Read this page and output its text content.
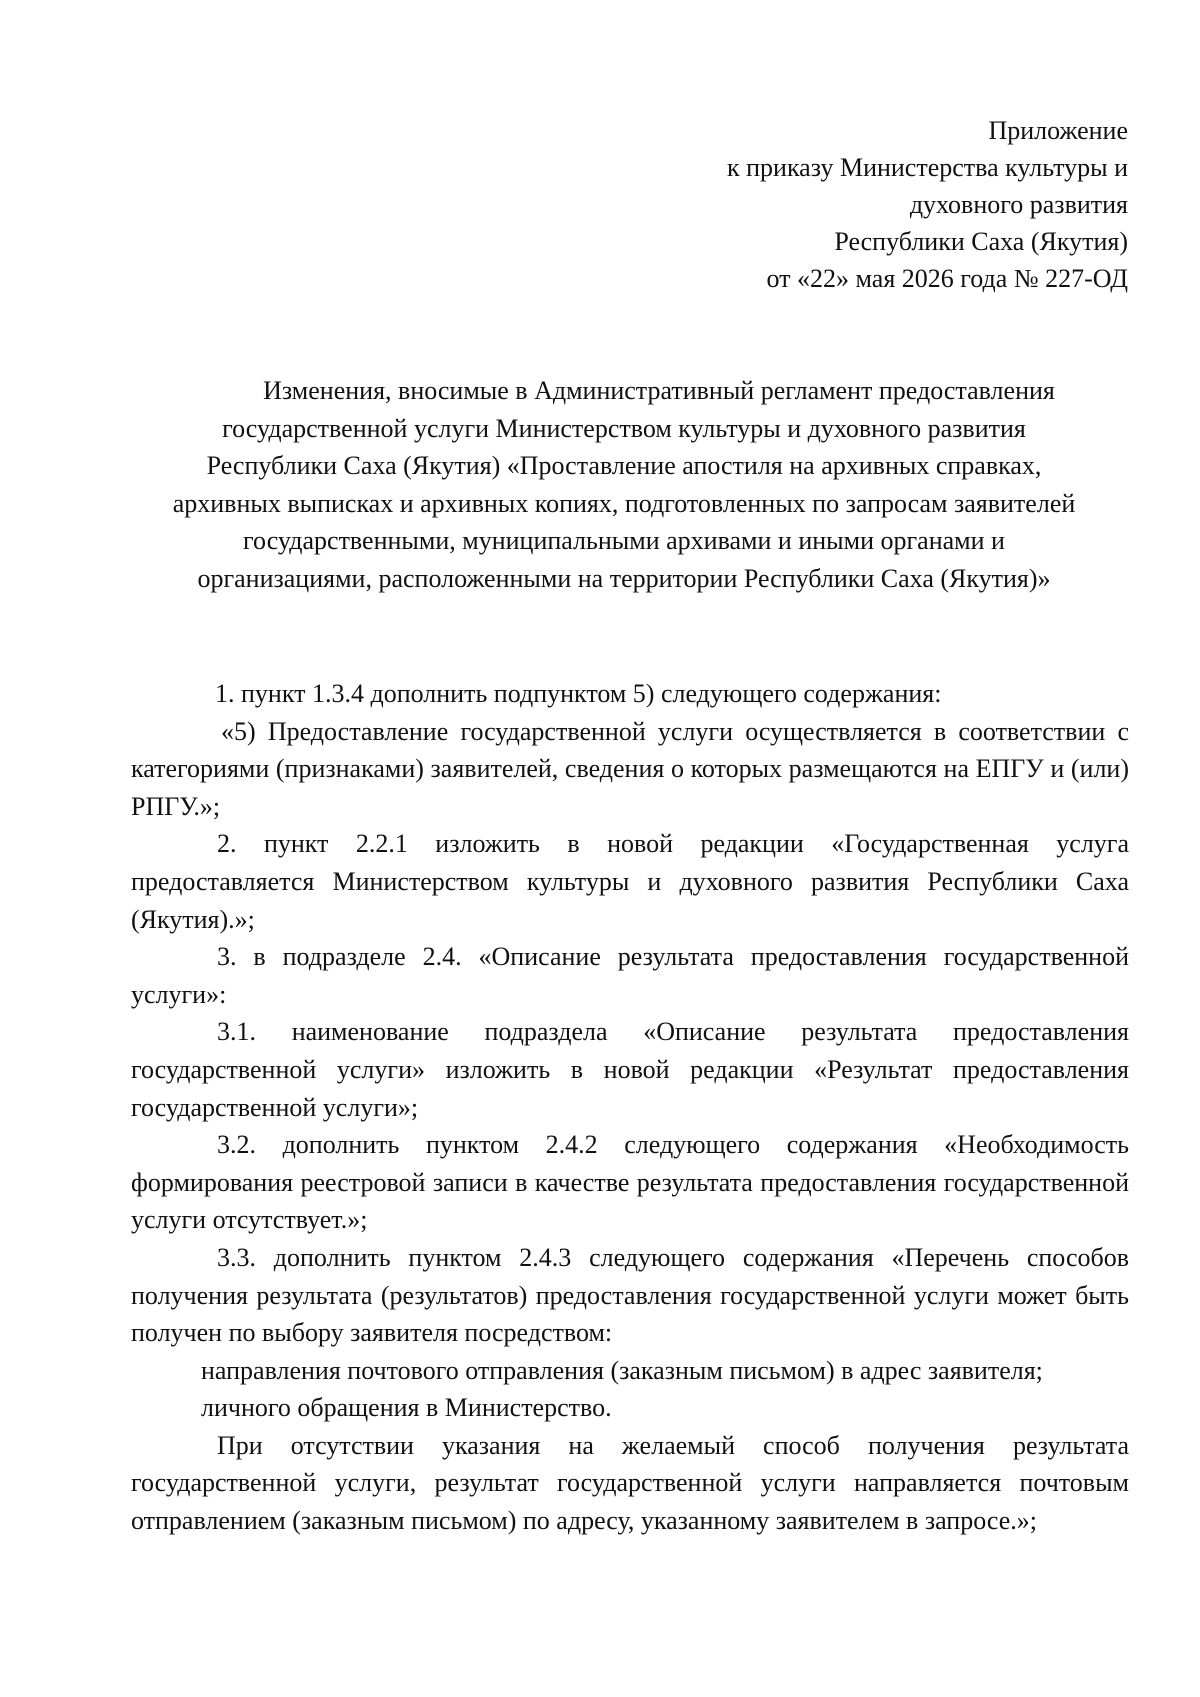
Приложение
к приказу Министерства культуры и
духовного развития
Республики Саха (Якутия)
от «22» мая 2026 года № 227-ОД
Изменения, вносимые в Административный регламент предоставления
государственной услуги Министерством культуры и духовного развития
Республики Саха (Якутия) «Проставление апостиля на архивных справках,
архивных выписках и архивных копиях, подготовленных по запросам заявителей
государственными, муниципальными архивами и иными органами и
организациями, расположенными на территории Республики Саха (Якутия)»

1. пункт 1.3.4 дополнить подпунктом 5) следующего содержания:

«5) Предоставление государственной услуги осуществляется в соответствии с категориями (признаками) заявителей, сведения о которых размещаются на ЕПГУ и (или) РПГУ.»;

2. пункт 2.2.1 изложить в новой редакции «Государственная услуга предоставляется Министерством культуры и духовного развития Республики Саха (Якутия).»;

3. в подразделе 2.4. «Описание результата предоставления государственной услуги»:

3.1. наименование подраздела «Описание результата предоставления государственной услуги» изложить в новой редакции «Результат предоставления государственной услуги»;

3.2. дополнить пунктом 2.4.2 следующего содержания «Необходимость формирования реестровой записи в качестве результата предоставления государственной услуги отсутствует.»;

3.3. дополнить пунктом 2.4.3 следующего содержания «Перечень способов получения результата (результатов) предоставления государственной услуги может быть получен по выбору заявителя посредством:

направления почтового отправления (заказным письмом) в адрес заявителя;

личного обращения в Министерство.

При отсутствии указания на желаемый способ получения результата государственной услуги, результат государственной услуги направляется почтовым отправлением (заказным письмом) по адресу, указанному заявителем в запросе.»;
